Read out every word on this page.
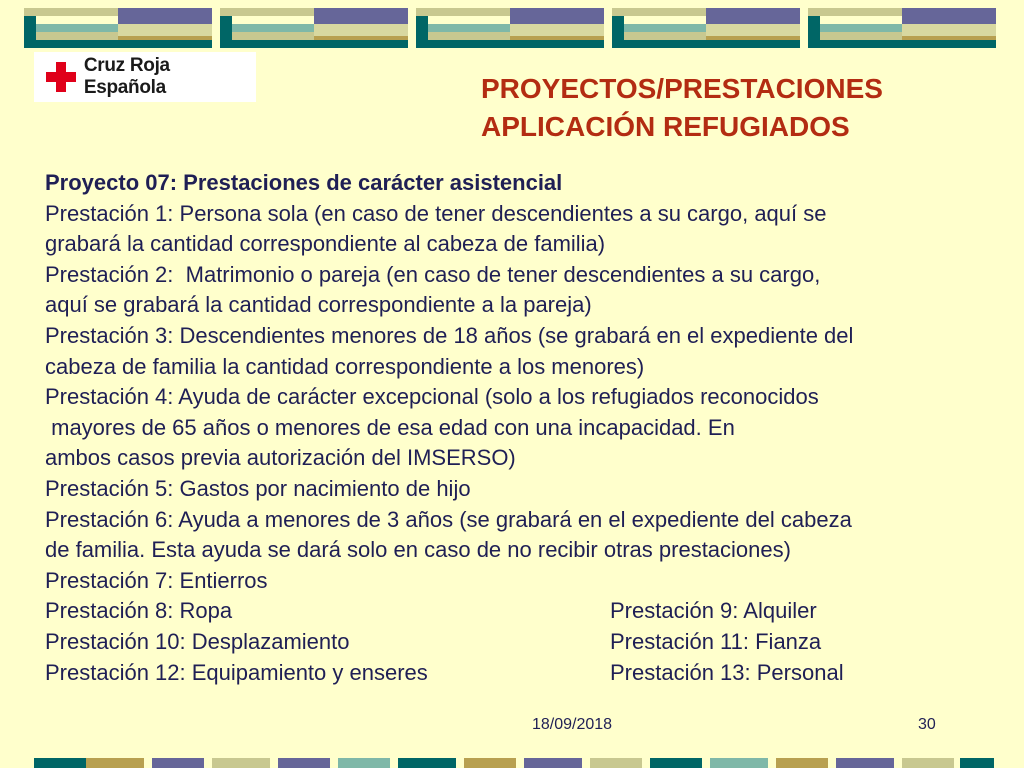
Cruz Roja Española	PROYECTOS/PRESTACIONES
APLICACIÓN REFUGIADOS
Proyecto 07: Prestaciones de carácter asistencial
Prestación 1: Persona sola (en caso de tener descendientes a su cargo, aquí se
grabará la cantidad correspondiente al cabeza de familia)
Prestación 2:  Matrimonio o pareja (en caso de tener descendientes a su cargo,
aquí se grabará la cantidad correspondiente a la pareja)
Prestación 3: Descendientes menores de 18 años (se grabará en el expediente del
cabeza de familia la cantidad correspondiente a los menores)
Prestación 4: Ayuda de carácter excepcional (solo a los refugiados reconocidos
mayores de 65 años o menores de esa edad con una incapacidad. En
ambos casos previa autorización del IMSERSO)
Prestación 5: Gastos por nacimiento de hijo
Prestación 6: Ayuda a menores de 3 años (se grabará en el expediente del cabeza
de familia. Esta ayuda se dará solo en caso de no recibir otras prestaciones)
Prestación 7: Entierros
Prestación 8: Ropa	Prestación 9: Alquiler
Prestación 10: Desplazamiento	Prestación 11: Fianza
Prestación 12: Equipamiento y enseres	Prestación 13: Personal
18/09/2018	30
